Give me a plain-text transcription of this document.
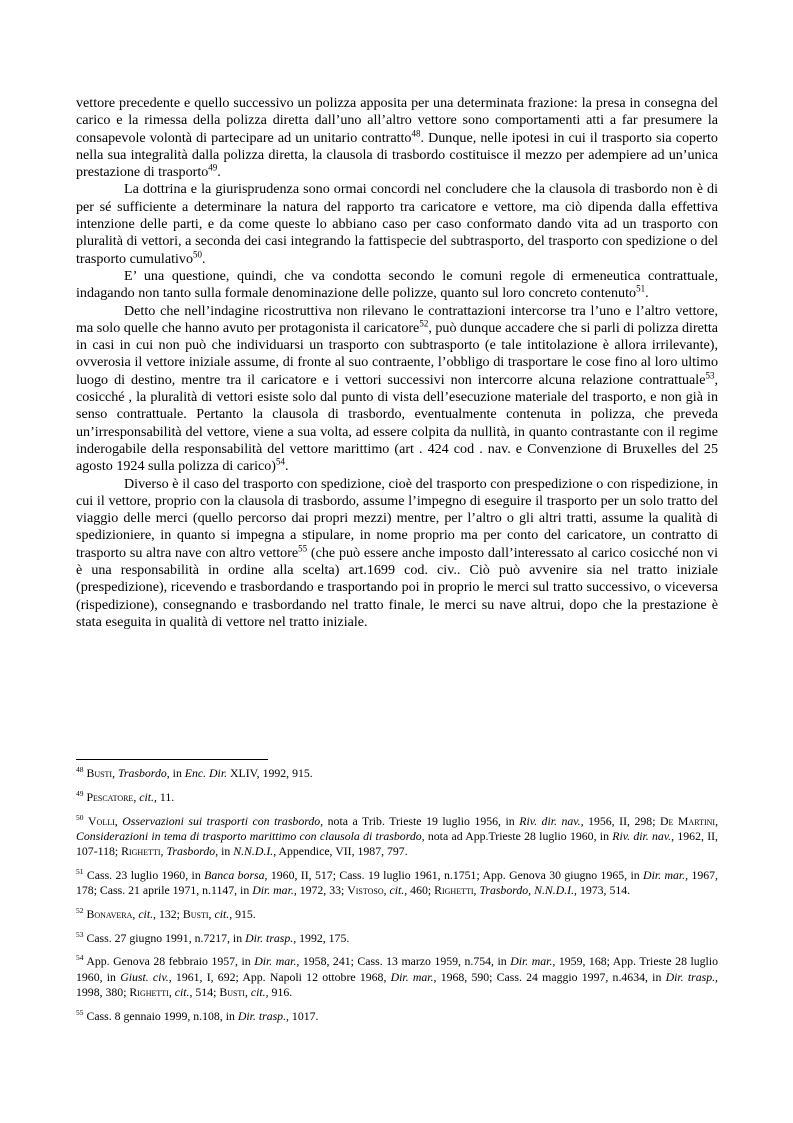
vettore precedente e quello successivo un polizza apposita per una determinata frazione: la presa in consegna del carico e la rimessa della polizza diretta dall’uno all’altro vettore sono comportamenti atti a far presumere la consapevole volontà di partecipare ad un unitario contratto$^{48}$. Dunque, nelle ipotesi in cui il trasporto sia coperto nella sua integralità dalla polizza diretta, la clausola di trasbordo costituisce il mezzo per adempiere ad un’unica prestazione di trasporto$^{49}$.

La dottrina e la giurisprudenza sono ormai concordi nel concludere che la clausola di trasbordo non è di per sé sufficiente a determinare la natura del rapporto tra caricatore e vettore, ma ciò dipenda dalla effettiva intenzione delle parti, e da come queste lo abbiano caso per caso conformato dando vita ad un trasporto con pluralità di vettori, a seconda dei casi integrando la fattispecie del subtrasporto, del trasporto con spedizione o del trasporto cumulativo$^{50}$.

E’ una questione, quindi, che va condotta secondo le comuni regole di ermeneutica contrattuale, indagando non tanto sulla formale denominazione delle polizze, quanto sul loro concreto contenuto$^{51}$.

Detto che nell’indagine ricostruttiva non rilevano le contrattazioni intercorse tra l’uno e l’altro vettore, ma solo quelle che hanno avuto per protagonista il caricatore$^{52}$, può dunque accadere che si parli di polizza diretta in casi in cui non può che individuarsi un trasporto con subtrasporto (e tale intitolazione è allora irrilevante), ovverosia il vettore iniziale assume, di fronte al suo contraente, l’obbligo di trasportare le cose fino al loro ultimo luogo di destino, mentre tra il caricatore e i vettori successivi non intercorre alcuna relazione contrattuale$^{53}$, cosicché , la pluralità di vettori esiste solo dal punto di vista dell’esecuzione materiale del trasporto, e non già in senso contrattuale. Pertanto la clausola di trasbordo, eventualmente contenuta in polizza, che preveda un’irresponsabilità del vettore, viene a sua volta, ad essere colpita da nullità, in quanto contrastante con il regime inderogabile della responsabilità del vettore marittimo (art . 424 cod . nav. e Convenzione di Bruxelles del 25 agosto 1924 sulla polizza di carico)$^{54}$.

Diverso è il caso del trasporto con spedizione, cioè del trasporto con prespedizione o con rispedizione, in cui il vettore, proprio con la clausola di trasbordo, assume l’impegno di eseguire il trasporto per un solo tratto del viaggio delle merci (quello percorso dai propri mezzi) mentre, per l’altro o gli altri tratti, assume la qualità di spedizioniere, in quanto si impegna a stipulare, in nome proprio ma per conto del caricatore, un contratto di trasporto su altra nave con altro vettore$^{55}$ (che può essere anche imposto dall’interessato al carico cosicché non vi è una responsabilità in ordine alla scelta) art.1699 cod. civ.. Ciò può avvenire sia nel tratto iniziale (prespedizione), ricevendo e trasbordando e trasportando poi in proprio le merci sul tratto successivo, o viceversa (rispedizione), consegnando e trasbordando nel tratto finale, le merci su nave altrui, dopo che la prestazione è stata eseguita in qualità di vettore nel tratto iniziale.

$^{48}$ Busti, Trasbordo, in Enc. Dir. XLIV, 1992, 915.

$^{49}$ Pescatore, cit., 11.

$^{50}$ Volli, Osservazioni sui trasporti con trasbordo, nota a Trib. Trieste 19 luglio 1956, in Riv. dir. nav., 1956, II, 298; De Martini, Considerazioni in tema di trasporto marittimo con clausola di trasbordo, nota ad App.Trieste 28 luglio 1960, in Riv. dir. nav., 1962, II, 107-118; Righetti, Trasbordo, in N.N.D.I., Appendice, VII, 1987, 797.

$^{51}$ Cass. 23 luglio 1960, in Banca borsa, 1960, II, 517; Cass. 19 luglio 1961, n.1751; App. Genova 30 giugno 1965, in Dir. mar., 1967, 178; Cass. 21 aprile 1971, n.1147, in Dir. mar., 1972, 33; Vistoso, cit., 460; Righetti, Trasbordo, N.N.D.I., 1973, 514.

$^{52}$ Bonavera, cit., 132; Busti, cit., 915.

$^{53}$ Cass. 27 giugno 1991, n.7217, in Dir. trasp., 1992, 175.

$^{54}$ App. Genova 28 febbraio 1957, in Dir. mar., 1958, 241; Cass. 13 marzo 1959, n.754, in Dir. mar., 1959, 168; App. Trieste 28 luglio 1960, in Giust. civ., 1961, I, 692; App. Napoli 12 ottobre 1968, Dir. mar., 1968, 590; Cass. 24 maggio 1997, n.4634, in Dir. trasp., 1998, 380; Righetti, cit., 514; Busti, cit., 916.

$^{55}$ Cass. 8 gennaio 1999, n.108, in Dir. trasp., 1017.
